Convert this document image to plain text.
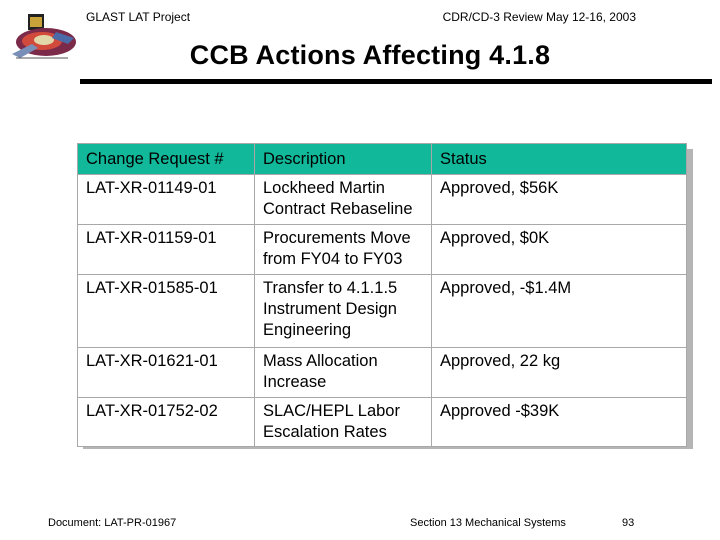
GLAST LAT Project	CDR/CD-3 Review May 12-16, 2003
CCB Actions Affecting 4.1.8
Change Request #	Description	Status
LAT-XR-01149-01	Lockheed Martin Contract Rebaseline	Approved, $56K
LAT-XR-01159-01	Procurements Move from FY04 to FY03	Approved, $0K
LAT-XR-01585-01	Transfer to 4.1.1.5 Instrument Design Engineering	Approved, -$1.4M
LAT-XR-01621-01	Mass Allocation Increase	Approved, 22 kg
LAT-XR-01752-02	SLAC/HEPL Labor Escalation Rates	Approved -$39K
Document: LAT-PR-01967	Section 13 Mechanical Systems	93
